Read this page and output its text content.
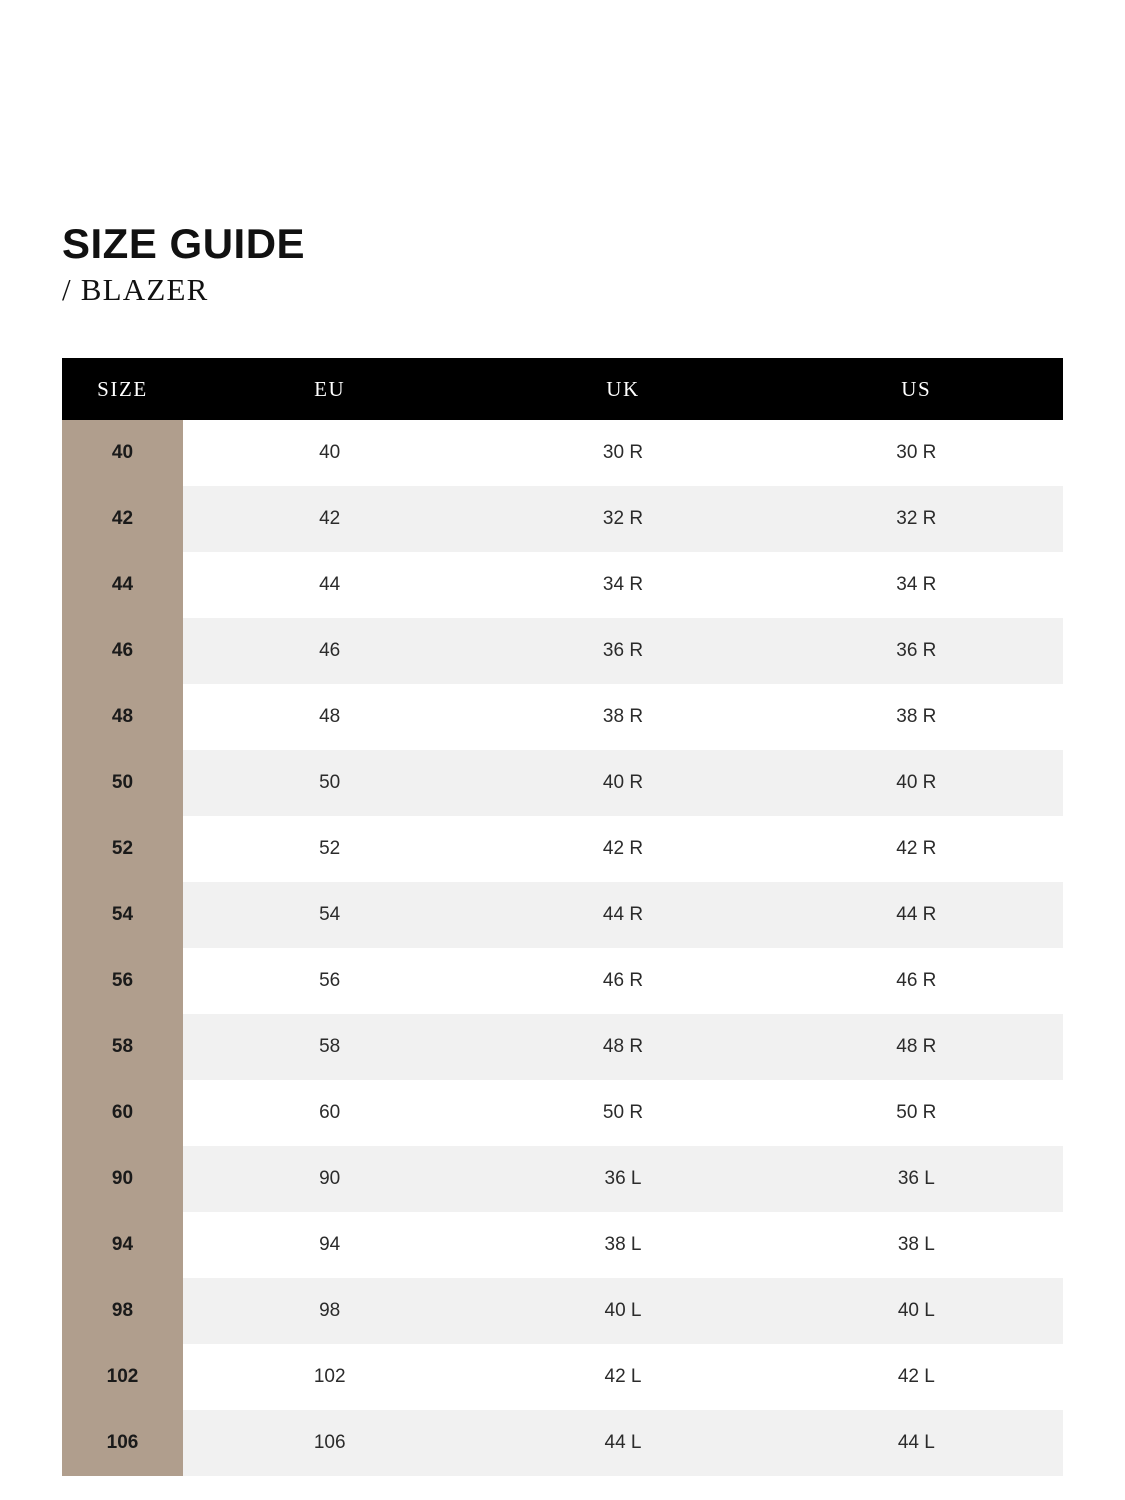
SIZE GUIDE
/ BLAZER
SIZE	EU	UK	US
40	40	30 R	30 R
42	42	32 R	32 R
44	44	34 R	34 R
46	46	36 R	36 R
48	48	38 R	38 R
50	50	40 R	40 R
52	52	42 R	42 R
54	54	44 R	44 R
56	56	46 R	46 R
58	58	48 R	48 R
60	60	50 R	50 R
90	90	36 L	36 L
94	94	38 L	38 L
98	98	40 L	40 L
102	102	42 L	42 L
106	106	44 L	44 L
